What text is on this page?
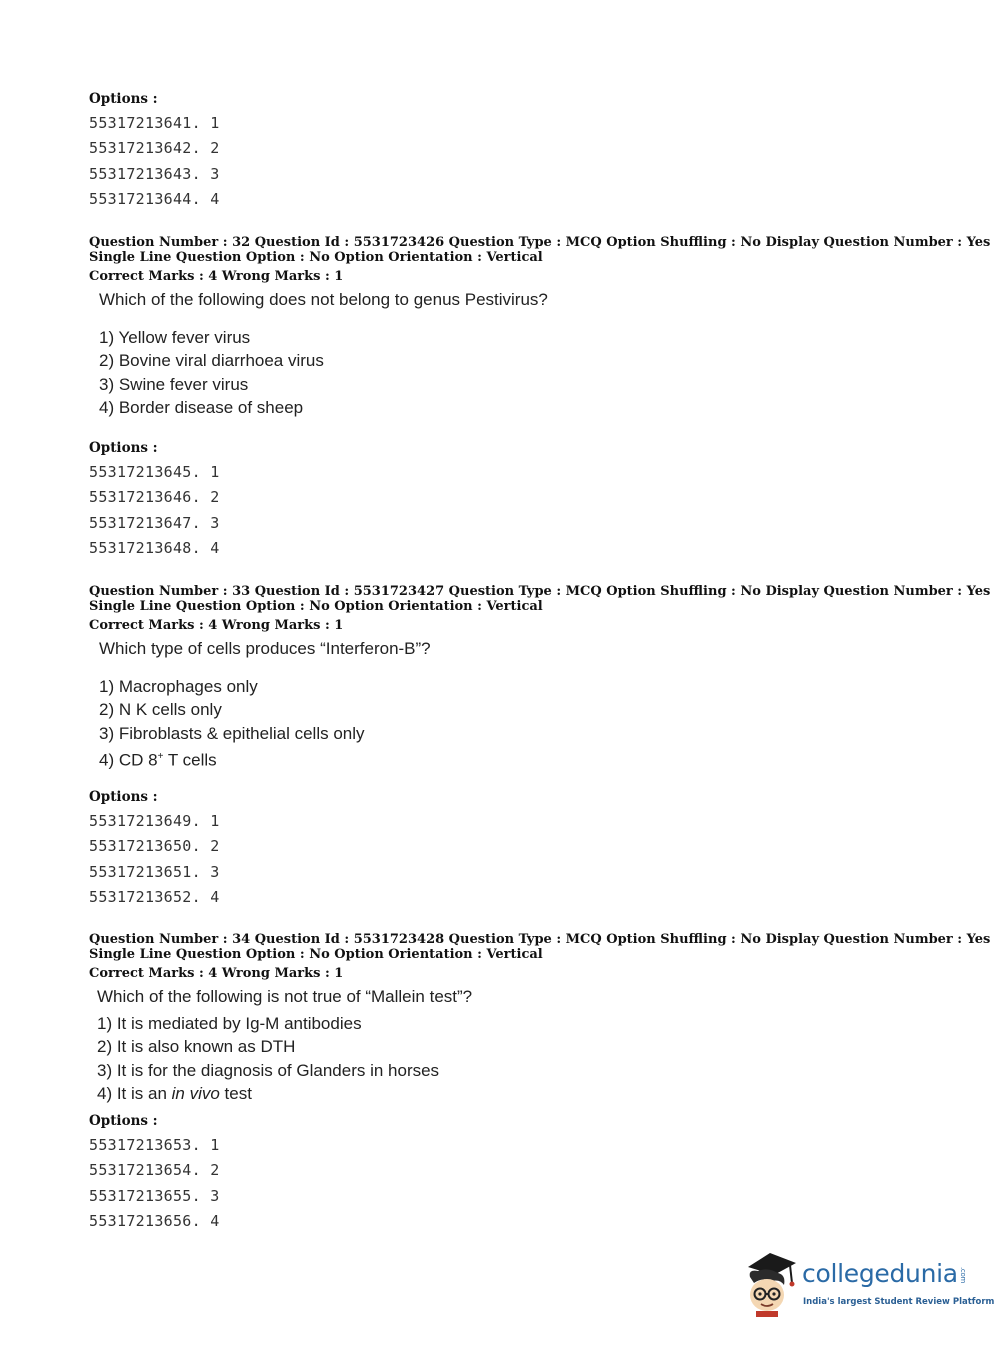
Options :
55317213641. 1
55317213642. 2
55317213643. 3
55317213644. 4
Question Number : 32 Question Id : 5531723426 Question Type : MCQ Option Shuffling : No Display Question Number : Yes
Single Line Question Option : No Option Orientation : Vertical
Correct Marks : 4 Wrong Marks : 1
Which of the following does not belong to genus Pestivirus?
1) Yellow fever virus
2) Bovine viral diarrhoea virus
3) Swine fever virus
4) Border disease of sheep
Options :
55317213645. 1
55317213646. 2
55317213647. 3
55317213648. 4
Question Number : 33 Question Id : 5531723427 Question Type : MCQ Option Shuffling : No Display Question Number : Yes
Single Line Question Option : No Option Orientation : Vertical
Correct Marks : 4 Wrong Marks : 1
Which type of cells produces “Interferon-B”?
1) Macrophages only
2) N K cells only
3) Fibroblasts & epithelial cells only
4) CD 8+ T cells
Options :
55317213649. 1
55317213650. 2
55317213651. 3
55317213652. 4
Question Number : 34 Question Id : 5531723428 Question Type : MCQ Option Shuffling : No Display Question Number : Yes
Single Line Question Option : No Option Orientation : Vertical
Correct Marks : 4 Wrong Marks : 1
Which of the following is not true of “Mallein test”?
1) It is mediated by Ig-M antibodies
2) It is also known as DTH
3) It is for the diagnosis of Glanders in horses
4) It is an in vivo test
Options :
55317213653. 1
55317213654. 2
55317213655. 3
55317213656. 4
collegedunia.com
India's largest Student Review Platform
